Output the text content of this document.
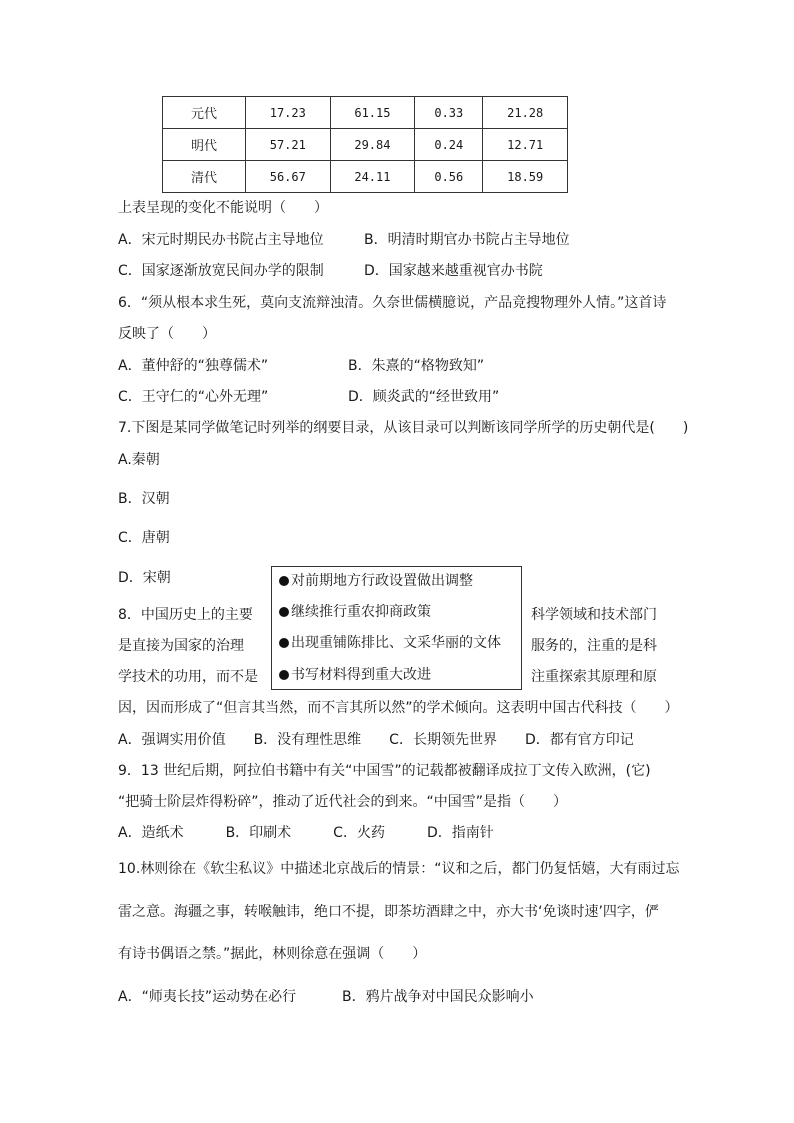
元代	17.23	61.15	0.33	21.28
明代	57.21	29.84	0.24	12.71
清代	56.67	24.11	0.56	18.59
上表呈现的变化不能说明（　　）
A．宋元时期民办书院占主导地位	B．明清时期官办书院占主导地位
C．国家逐渐放宽民间办学的限制	D．国家越来越重视官办书院
6．“须从根本求生死，莫向支流辩浊清。久奈世儒横臆说，产品竞搜物理外人情。”这首诗
反映了（　　）
A．董仲舒的“独尊儒术”	B．朱熹的“格物致知”
C．王守仁的“心外无理”	D．顾炎武的“经世致用”
7.下图是某同学做笔记时列举的纲要目录，从该目录可以判断该同学所学的历史朝代是(　　)
A.秦朝
B．汉朝
C．唐朝
D．宋朝
8．中国历史上的主要	科学领域和技术部门
是直接为国家的治理	服务的，注重的是科
学技术的功用，而不是	注重探索其原理和原
因，因而形成了“但言其当然，而不言其所以然”的学术倾向。这表明中国古代科技（　　）
A．强调实用价值　　B．没有理性思维　　C．长期领先世界　　D．都有官方印记
对前期地方行政设置做出调整
继续推行重农抑商政策
出现重铺陈排比、文采华丽的文体
书写材料得到重大改进
9．13 世纪后期，阿拉伯书籍中有关“中国雪”的记载都被翻译成拉丁文传入欧洲，(它)
“把骑士阶层炸得粉碎”，推动了近代社会的到来。“中国雪”是指（　　）
A．造纸术　　　B．印刷术　　　C．火药　　　D．指南针
10.林则徐在《软尘私议》中描述北京战后的情景：“议和之后，都门仍复恬嬉，大有雨过忘
雷之意。海疆之事，转喉触讳，绝口不提，即茶坊酒肆之中，亦大书‘免谈时速’四字，俨
有诗书偶语之禁。”据此，林则徐意在强调（　　）
A．“师夷长技”运动势在必行	B．鸦片战争对中国民众影响小
